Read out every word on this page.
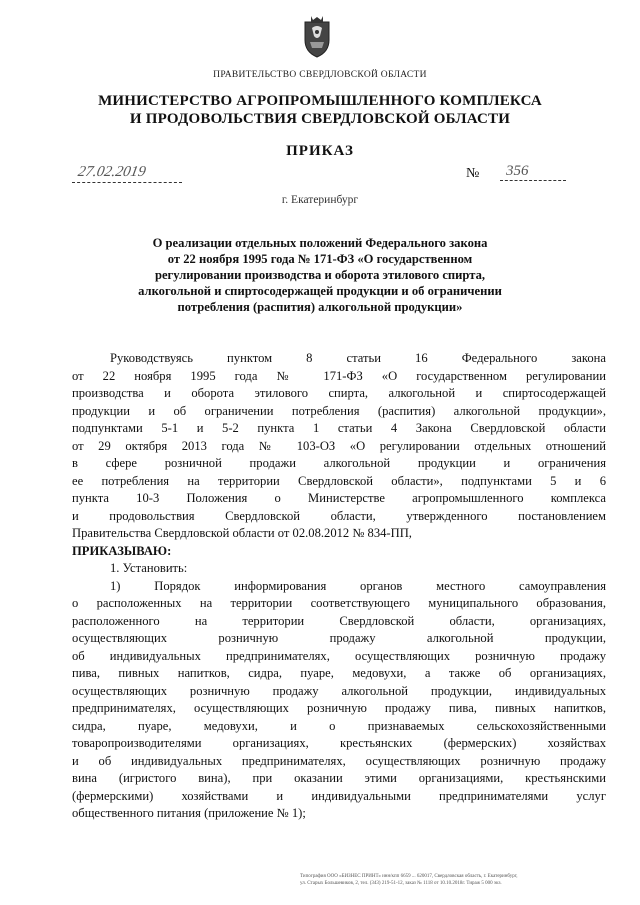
ПРАВИТЕЛЬСТВО СВЕРДЛОВСКОЙ ОБЛАСТИ
МИНИСТЕРСТВО АГРОПРОМЫШЛЕННОГО КОМПЛЕКСА
И ПРОДОВОЛЬСТВИЯ СВЕРДЛОВСКОЙ ОБЛАСТИ
ПРИКАЗ
27.02.2019	№	356
г. Екатеринбург
О реализации отдельных положений Федерального закона
от 22 ноября 1995 года № 171-ФЗ «О государственном
регулировании производства и оборота этилового спирта,
алкогольной и спиртосодержащей продукции и об ограничении
потребления (распития) алкогольной продукции»

Руководствуясь пунктом 8 статьи 16 Федерального закона

от 22 ноября 1995 года № 171-ФЗ «О государственном регулировании

производства и оборота этилового спирта, алкогольной и спиртосодержащей

продукции и об ограничении потребления (распития) алкогольной продукции»,

подпунктами 5-1 и 5-2 пункта 1 статьи 4 Закона Свердловской области

от 29 октября 2013 года № 103-ОЗ «О регулировании отдельных отношений

в сфере розничной продажи алкогольной продукции и ограничения

ее потребления на территории Свердловской области», подпунктами 5 и 6

пункта 10-3 Положения о Министерстве агропромышленного комплекса

и продовольствия Свердловской области, утвержденного постановлением

Правительства Свердловской области от 02.08.2012 № 834-ПП,

ПРИКАЗЫВАЮ:

1. Установить:

1) Порядок информирования органов местного самоуправления

о расположенных на территории соответствующего муниципального образования,

расположенного на территории Свердловской области, организациях,

осуществляющих розничную продажу алкогольной продукции,

об индивидуальных предпринимателях, осуществляющих розничную продажу

пива, пивных напитков, сидра, пуаре, медовухи, а также об организациях,

осуществляющих розничную продажу алкогольной продукции, индивидуальных

предпринимателях, осуществляющих розничную продажу пива, пивных напитков,

сидра, пуаре, медовухи, и о признаваемых сельскохозяйственными

товаропроизводителями организациях, крестьянских (фермерских) хозяйствах

и об индивидуальных предпринимателях, осуществляющих розничную продажу

вина (игристого вина), при оказании этими организациями, крестьянскими

(фермерскими) хозяйствами и индивидуальными предпринимателями услуг

общественного питания (приложение № 1);

Типография ООО «БИЗНЕС ПРИНТ» инн/кпп 6659 ... 620017, Свердловская область, г. Екатеринбург,
ул. Старых Большевиков, 2, тел. (343) 219-51-12, заказ № 1118 от 10.10.2018г. Тираж 5 000 экз.
